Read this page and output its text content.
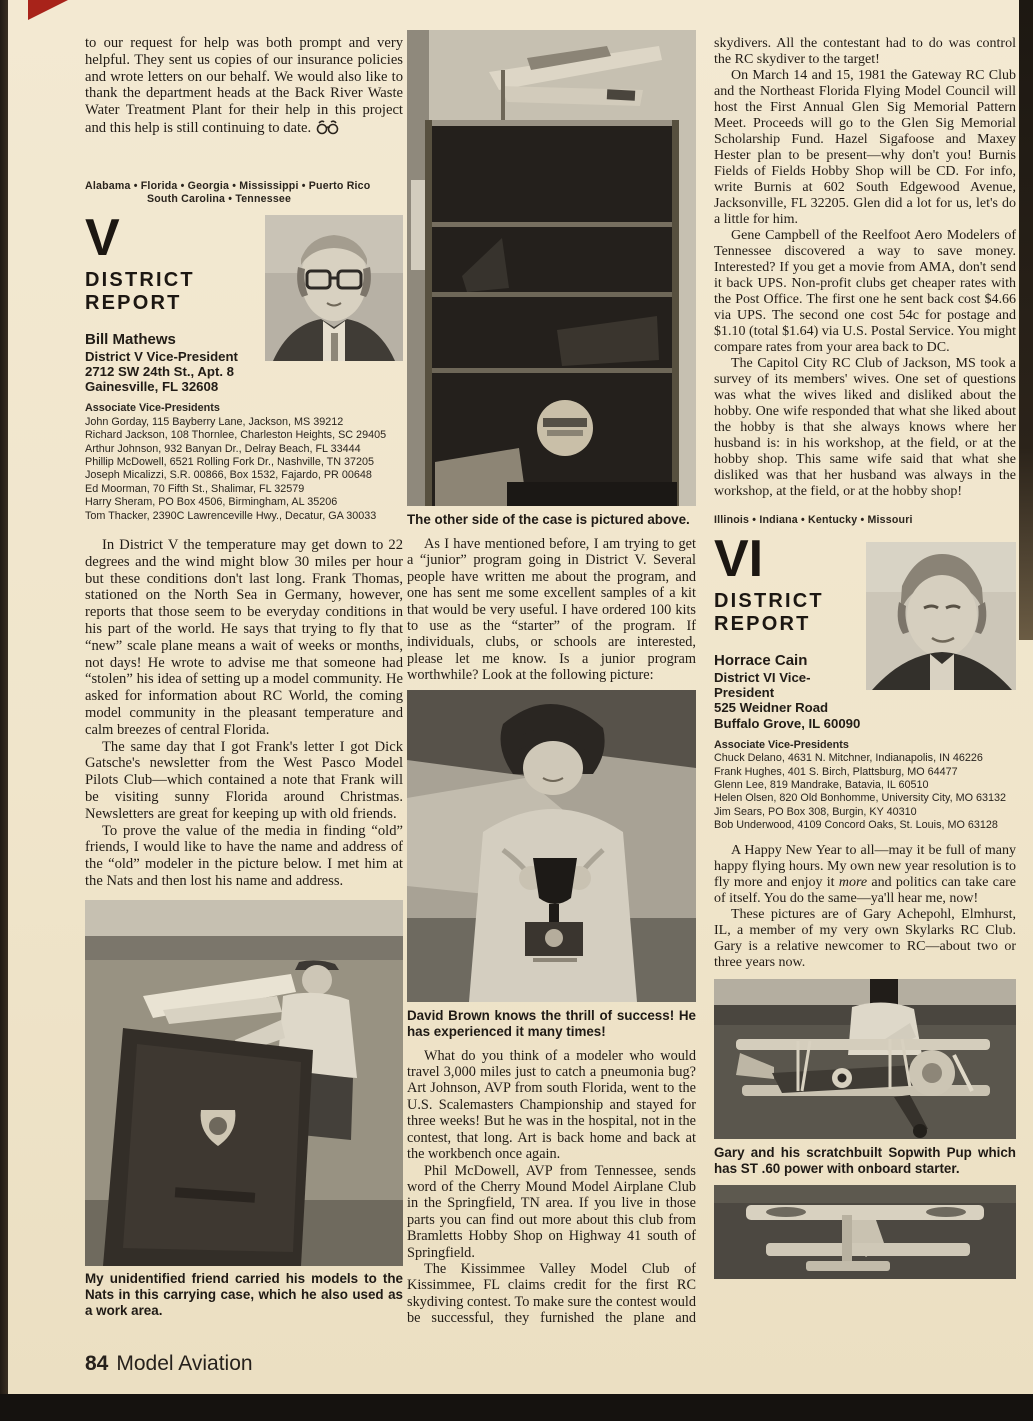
to our request for help was both prompt and very helpful. They sent us copies of our insurance policies and wrote letters on our behalf. We would also like to thank the department heads at the Back River Waste Water Treatment Plant for their help in this project and this help is still continuing to date.

Alabama • Florida • Georgia • Mississippi • Puerto Rico
South Carolina • Tennessee
V
DISTRICT REPORT
Bill Mathews
District V Vice-President
2712 SW 24th St., Apt. 8
Gainesville, FL 32608
Associate Vice-Presidents
John Gorday, 115 Bayberry Lane, Jackson, MS 39212
Richard Jackson, 108 Thornlee, Charleston Heights, SC 29405
Arthur Johnson, 932 Banyan Dr., Delray Beach, FL 33444
Phillip McDowell, 6521 Rolling Fork Dr., Nashville, TN 37205
Joseph Micalizzi, S.R. 00866, Box 1532, Fajardo, PR 00648
Ed Moorman, 70 Fifth St., Shalimar, FL 32579
Harry Sheram, PO Box 4506, Birmingham, AL 35206
Tom Thacker, 2390C Lawrenceville Hwy., Decatur, GA 30033

In District V the temperature may get down to 22 degrees and the wind might blow 30 miles per hour but these conditions don't last long. Frank Thomas, stationed on the North Sea in Germany, however, reports that those seem to be everyday conditions in his part of the world. He says that trying to fly that “new” scale plane means a wait of weeks or months, not days! He wrote to advise me that someone had “stolen” his idea of setting up a model community. He asked for information about RC World, the coming model community in the pleasant temperature and calm breezes of central Florida.

The same day that I got Frank's letter I got Dick Gatsche's newsletter from the West Pasco Model Pilots Club—which contained a note that Frank will be visiting sunny Florida around Christmas. Newsletters are great for keeping up with old friends.

To prove the value of the media in finding “old” friends, I would like to have the name and address of the “old” modeler in the picture below. I met him at the Nats and then lost his name and address.

My unidentified friend carried his models to the Nats in this carrying case, which he also used as a work area.

The other side of the case is pictured above.

As I have mentioned before, I am trying to get a “junior” program going in District V. Several people have written me about the program, and one has sent me some excellent samples of a kit that would be very useful. I have ordered 100 kits to use as the “starter” of the program. If individuals, clubs, or schools are interested, please let me know. Is a junior program worthwhile? Look at the following picture:

David Brown knows the thrill of success! He has experienced it many times!

What do you think of a modeler who would travel 3,000 miles just to catch a pneumonia bug? Art Johnson, AVP from south Florida, went to the U.S. Scalemasters Championship and stayed for three weeks! But he was in the hospital, not in the contest, that long. Art is back home and back at the workbench once again.

Phil McDowell, AVP from Tennessee, sends word of the Cherry Mound Model Airplane Club in the Springfield, TN area. If you live in those parts you can find out more about this club from Bramletts Hobby Shop on Highway 41 south of Springfield.

The Kissimmee Valley Model Club of Kissimmee, FL claims credit for the first RC skydiving contest. To make sure the contest would be successful, they furnished the plane and

skydivers. All the contestant had to do was control the RC skydiver to the target!

On March 14 and 15, 1981 the Gateway RC Club and the Northeast Florida Flying Model Council will host the First Annual Glen Sig Memorial Pattern Meet. Proceeds will go to the Glen Sig Memorial Scholarship Fund. Hazel Sigafoose and Maxey Hester plan to be present—why don't you! Burnis Fields of Fields Hobby Shop will be CD. For info, write Burnis at 602 South Edgewood Avenue, Jacksonville, FL 32205. Glen did a lot for us, let's do a little for him.

Gene Campbell of the Reelfoot Aero Modelers of Tennessee discovered a way to save money. Interested? If you get a movie from AMA, don't send it back UPS. Non-profit clubs get cheaper rates with the Post Office. The first one he sent back cost $4.66 via UPS. The second one cost 54c for postage and $1.10 (total $1.64) via U.S. Postal Service. You might compare rates from your area back to DC.

The Capitol City RC Club of Jackson, MS took a survey of its members' wives. One set of questions was what the wives liked and disliked about the hobby. One wife responded that what she liked about the hobby is that she always knows where her husband is: in his workshop, at the field, or at the hobby shop. This same wife said that what she disliked was that her husband was always in the workshop, at the field, or at the hobby shop!

Illinois • Indiana • Kentucky • Missouri
VI
DISTRICT REPORT
Horrace Cain
District VI Vice-President
525 Weidner Road
Buffalo Grove, IL 60090
Associate Vice-Presidents
Chuck Delano, 4631 N. Mitchner, Indianapolis, IN 46226
Frank Hughes, 401 S. Birch, Plattsburg, MO 64477
Glenn Lee, 819 Mandrake, Batavia, IL 60510
Helen Olsen, 820 Old Bonhomme, University City, MO 63132
Jim Sears, PO Box 308, Burgin, KY 40310
Bob Underwood, 4109 Concord Oaks, St. Louis, MO 63128

A Happy New Year to all—may it be full of many happy flying hours. My own new year resolution is to fly more and enjoy it more and politics can take care of itself. You do the same—ya'll hear me, now!

These pictures are of Gary Achepohl, Elmhurst, IL, a member of my very own Skylarks RC Club. Gary is a relative newcomer to RC—about two or three years now.

Gary and his scratchbuilt Sopwith Pup which has ST .60 power with onboard starter.

84 Model Aviation
